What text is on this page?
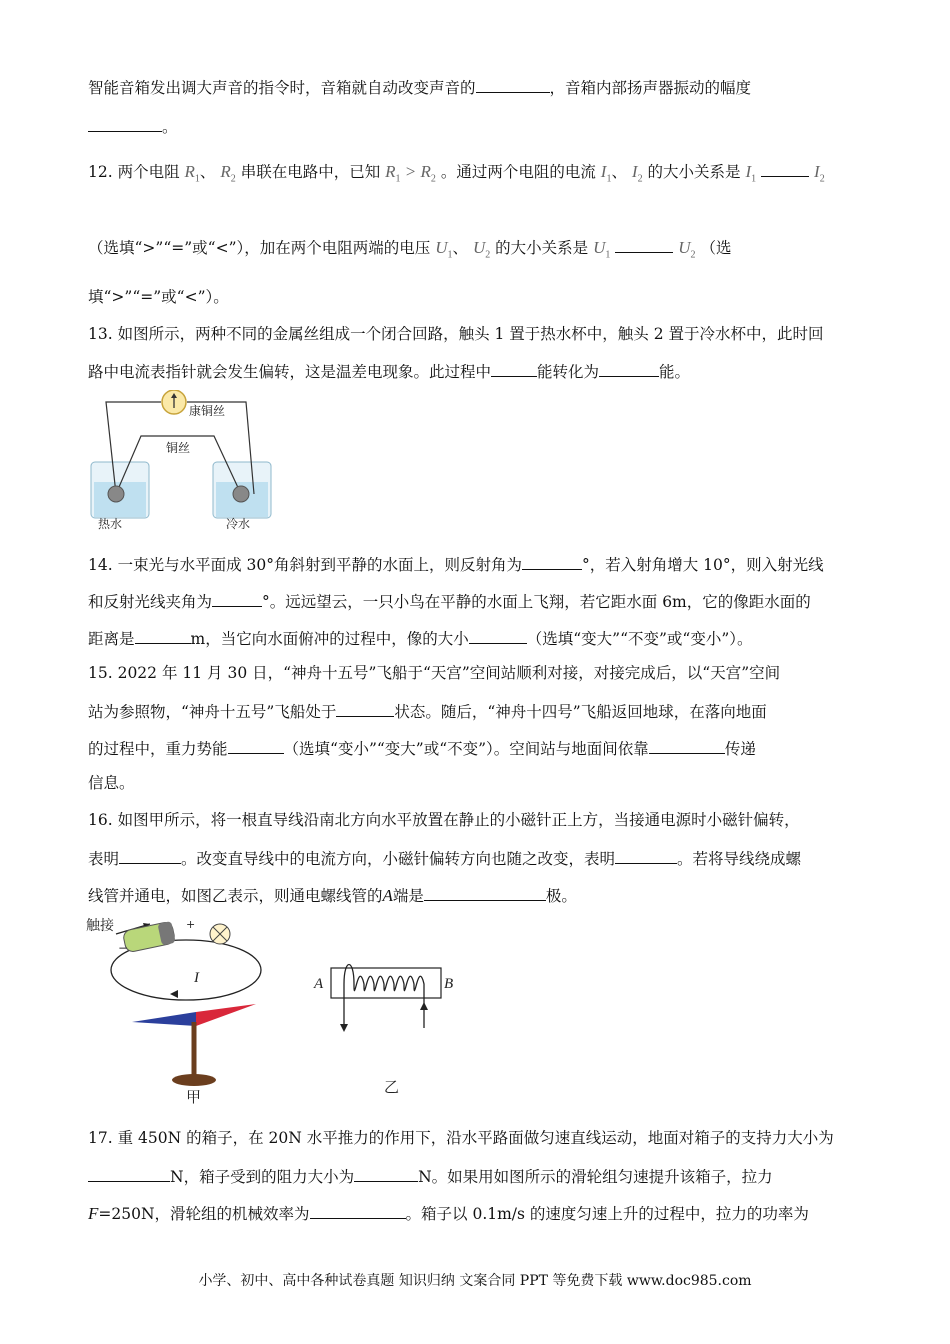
智能音箱发出调大声音的指令时，音箱就自动改变声音的	，音箱内部扬声器振动的幅度
。
12. 两个电阻 $R_1$、 $R_2$ 串联在电路中，已知 $R_1 > R_2$ 。通过两个电阻的电流 $I_1$、 $I_2$ 的大小关系是 $I_1$	$I_2$
（选填“>”“=”或“<”），加在两个电阻两端的电压 $U_1$、 $U_2$ 的大小关系是 $U_1$	$U_2$ （选
填“>”“=”或“<”）。
13. 如图所示，两种不同的金属丝组成一个闭合回路，触头 1 置于热水杯中，触头 2 置于冷水杯中，此时回
路中电流表指针就会发生偏转，这是温差电现象。此过程中	能转化为	能。
康铜丝
铜丝
热水	冷水
14. 一束光与水平面成 30°角斜射到平静的水面上，则反射角为	°，若入射角增大 10°，则入射光线
和反射光线夹角为	°。远远望云，一只小鸟在平静的水面上飞翔，若它距水面 6m，它的像距水面的
距离是	m，当它向水面俯冲的过程中，像的大小	（选填“变大”“不变”或“变小”）。
15. 2022 年 11 月 30 日，“神舟十五号”飞船于“天宫”空间站顺利对接，对接完成后，以“天宫”空间
站为参照物，“神舟十五号”飞船处于	状态。随后，“神舟十四号”飞船返回地球，在落向地面
的过程中，重力势能	（选填“变小”“变大”或“不变”）。空间站与地面间依靠	传递
信息。
16. 如图甲所示，将一根直导线沿南北方向水平放置在静止的小磁针正上方，当接通电源时小磁针偏转，
表明	。改变直导线中的电流方向，小磁针偏转方向也随之改变，表明	。若将导线绕成螺
线管并通电，如图乙表示，则通电螺线管的A端是	极。
触接	+
−
I
甲
A	B
乙
17. 重 450N 的箱子，在 20N 水平推力的作用下，沿水平路面做匀速直线运动，地面对箱子的支持力大小为
N，箱子受到的阻力大小为	N。如果用如图所示的滑轮组匀速提升该箱子，拉力
F=250N，滑轮组的机械效率为	。箱子以 0.1m/s 的速度匀速上升的过程中，拉力的功率为
小学、初中、高中各种试卷真题 知识归纳 文案合同 PPT 等免费下载 www.doc985.com
